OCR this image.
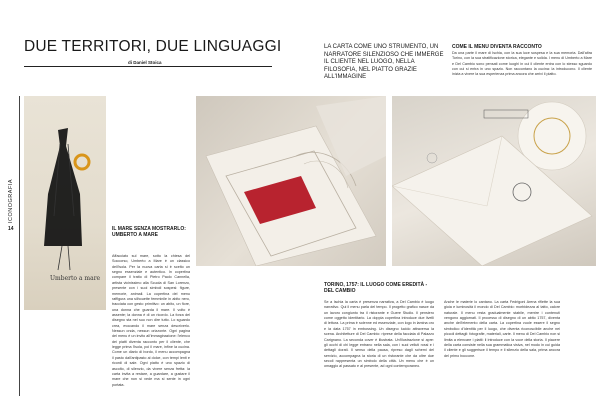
DUE TERRITORI, DUE LINGUAGGI
di Daniel Stoica
LA CARTA COME UNO STRUMENTO, UN NARRATORE SILENZIOSO CHE IMMERGE IL CLIENTE NEL LUOGO, NELLA FILOSOFIA, NEL PIATTO GRAZIE ALL'IMMAGINE
COME IL MENU DIVENTA RACCONTO
Da una parte il mare di Ischia, con la sua luce sospesa e la sua memoria. Dall'altra Torino, con la sua stratificazione storica, elegante e solida. I menu di Umberto a Mare e Del Cambio sono pensati come luoghi in cui il cliente entra con lo stesso sguardo con cui si entra in uno spazio. Non raccontano la cucina: la introducono. Il cliente inizia a vivere la sua esperienza prima ancora che arrivi il piatto.
ICONOGRAFIA
14
Umberto a mare
IL MARE SENZA MOSTRARLO: UMBERTO A MARE
Affacciato sul mare, sotto la chiesa del Soccorso, Umberto a Mare è un classico dell'isola. Per la nuova carta si è scelto un segno essenziale e autentico. In copertina compare il tratto di Pietro Paolo Cannella, artista vicinissimo alla Scuola di San Lorenzo, presente con i suoi simboli sospesi: figure, memorie, animali. La copertina del menu raffigura una silhouette femminile in abito nero, tracciata con gesto primitivo: un abito, un fiore, una donna che guarda il mare. Il volto è assente; la donna è di un ricordo. La forza del disegno sta nel suo non dire tutto. Lo sguardo crea, evocando il mare senza descriverlo. Nessun onda, nessun orizzonte. Ogni pagina del menu è un invito all'immaginazione: l'elenco dei piatti diventa racconto per il cliente, che legge prima l'isola, poi il mare, infine la cucina. Come un diario di bordo, il menu accompagna il pasto dall'antipasto al dolce, con tempi lenti e ricordi di sale. Ogni piatto è uno spazio di ascolto, di silenzio, da vivere senza fretta: la carta invita a restare, a guardare, a gustare il mare che non si vede ma si sente in ogni portata.
TORINO, 1757: IL LUOGO COME EREDITÀ - DEL CAMBIO
Se a Ischia la carta è presenza narrativa, a Del Cambio è luogo narrativo. Qui il menu parla del tempo. Il progetto grafico nasce da un lavoro congiunto tra il ristorante e Guere Studio. Il pensiero come oggetto identitario. La doppia copertina introduce due livelli di lettura. La prima è solenne ed essenziale, con logo in lamina oro e la data 1757 in embossing. Un disegno lucido attraversa la scena. Architetture di Del Cambio: riprese della facciata di Palazzo Carignano. La seconda cover è illustrata. Un'illustrazione si apre: gli occhi di chi legge entrano nella sala, con i suoi velluti rossi e i dettagli dorati. Il senso della pausa, ripreso dagli schemi del servizio, accompagna la storia di un ristorante che da oltre due secoli rappresenta un simbolo della città. Un menu che è un omaggio al passato e al presente, ad ogni contemporaneo.
Anche le materie lo cantano. La carta Fedrigoni Arena riflette la sua gioia e luminosità il mondo di Del Cambio: morbidezza al tatto, calore naturale. Il menu resta gradualmente stabile, mentre i contenuti vengono aggiornati. Il processo di disegno di un abito 1757, diventa anche dell'elemento della carta. La copertina vuole essere il segno simbolico d'identità per il luogo, che diventa riconoscibile anche nei piccoli dettagli: fotografie, materiali, carte. Il menu di Del Cambio non si limita a elencare i piatti: li introduce con la voce della storia. Il piacere della carta consiste nella sua grammatica visiva, nel modo in cui guida il cliente e gli suggerisce il tempo e il silenzio della sala, prima ancora del primo boccone.
